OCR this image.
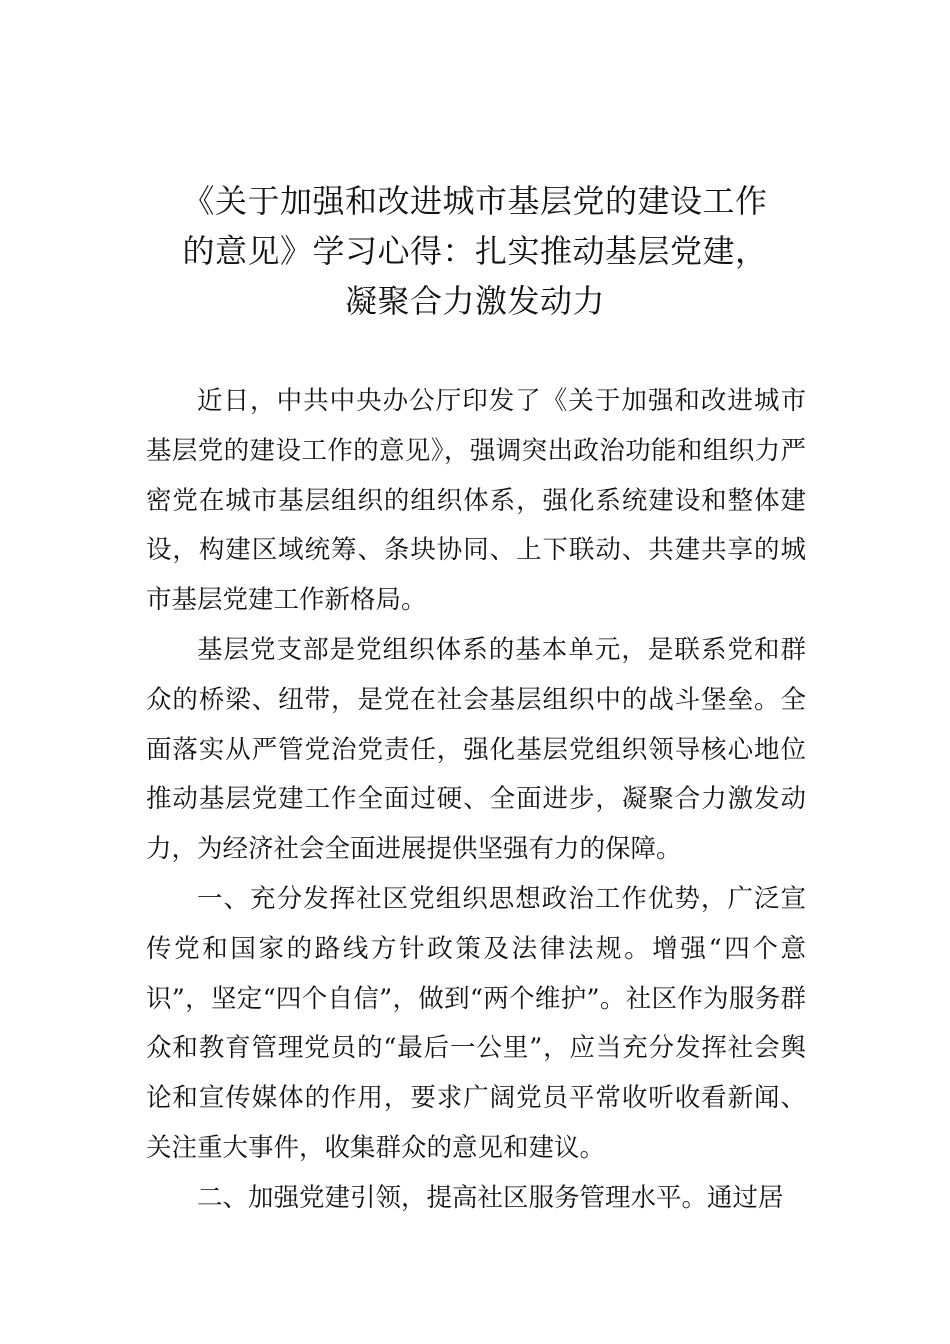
《关于加强和改进城市基层党的建设工作
的意见》学习心得：扎实推动基层党建，
凝聚合力激发动力

近日，中共中央办公厅印发了《关于加强和改进城市基层党的建设工作的意见》，强调突出政治功能和组织力严密党在城市基层组织的组织体系，强化系统建设和整体建设，构建区域统筹、条块协同、上下联动、共建共享的城市基层党建工作新格局。

基层党支部是党组织体系的基本单元，是联系党和群众的桥梁、纽带，是党在社会基层组织中的战斗堡垒。全面落实从严管党治党责任，强化基层党组织领导核心地位推动基层党建工作全面过硬、全面进步，凝聚合力激发动力，为经济社会全面进展提供坚强有力的保障。

一、充分发挥社区党组织思想政治工作优势，广泛宣传党和国家的路线方针政策及法律法规。增强“四个意识”，坚定“四个自信”，做到“两个维护”。社区作为服务群众和教育管理党员的“最后一公里”，应当充分发挥社会舆论和宣传媒体的作用，要求广阔党员平常收听收看新闻、关注重大事件，收集群众的意见和建议。

二、加强党建引领，提高社区服务管理水平。通过居
